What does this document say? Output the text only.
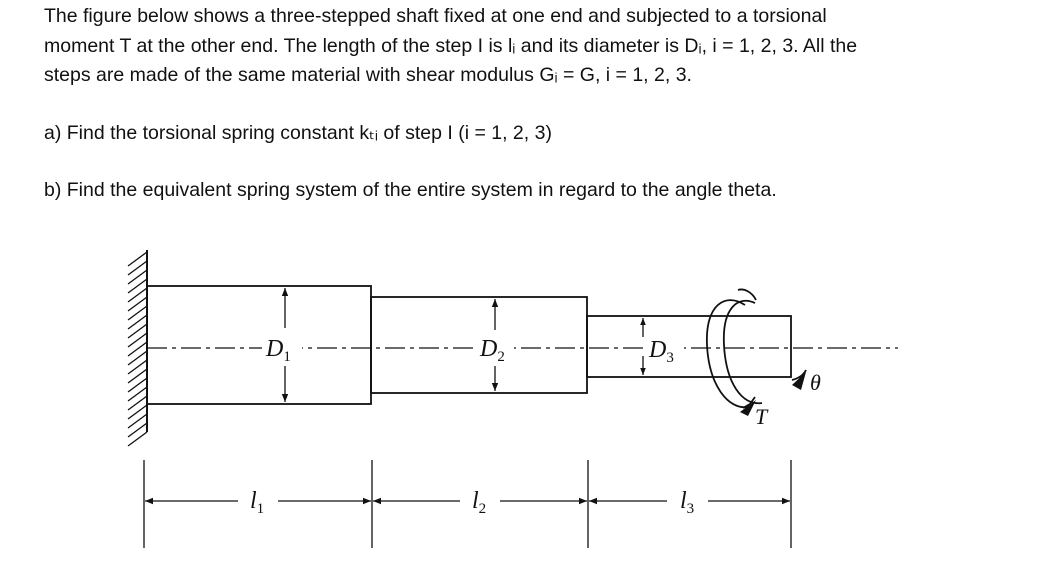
The figure below shows a three-stepped shaft fixed at one end and subjected to a torsional

moment T at the other end. The length of the step I is lᵢ and its diameter is Dᵢ, i = 1, 2, 3. All the

steps are made of the same material with shear modulus Gᵢ = G, i = 1, 2, 3.

a) Find the torsional spring constant kₜᵢ of step I (i = 1, 2, 3)

b) Find the equivalent spring system of the entire system in regard to the angle theta.

$D_1$	$D_2$	$D_3$
T
θ
$l_1$	$l_2$	$l_3$
